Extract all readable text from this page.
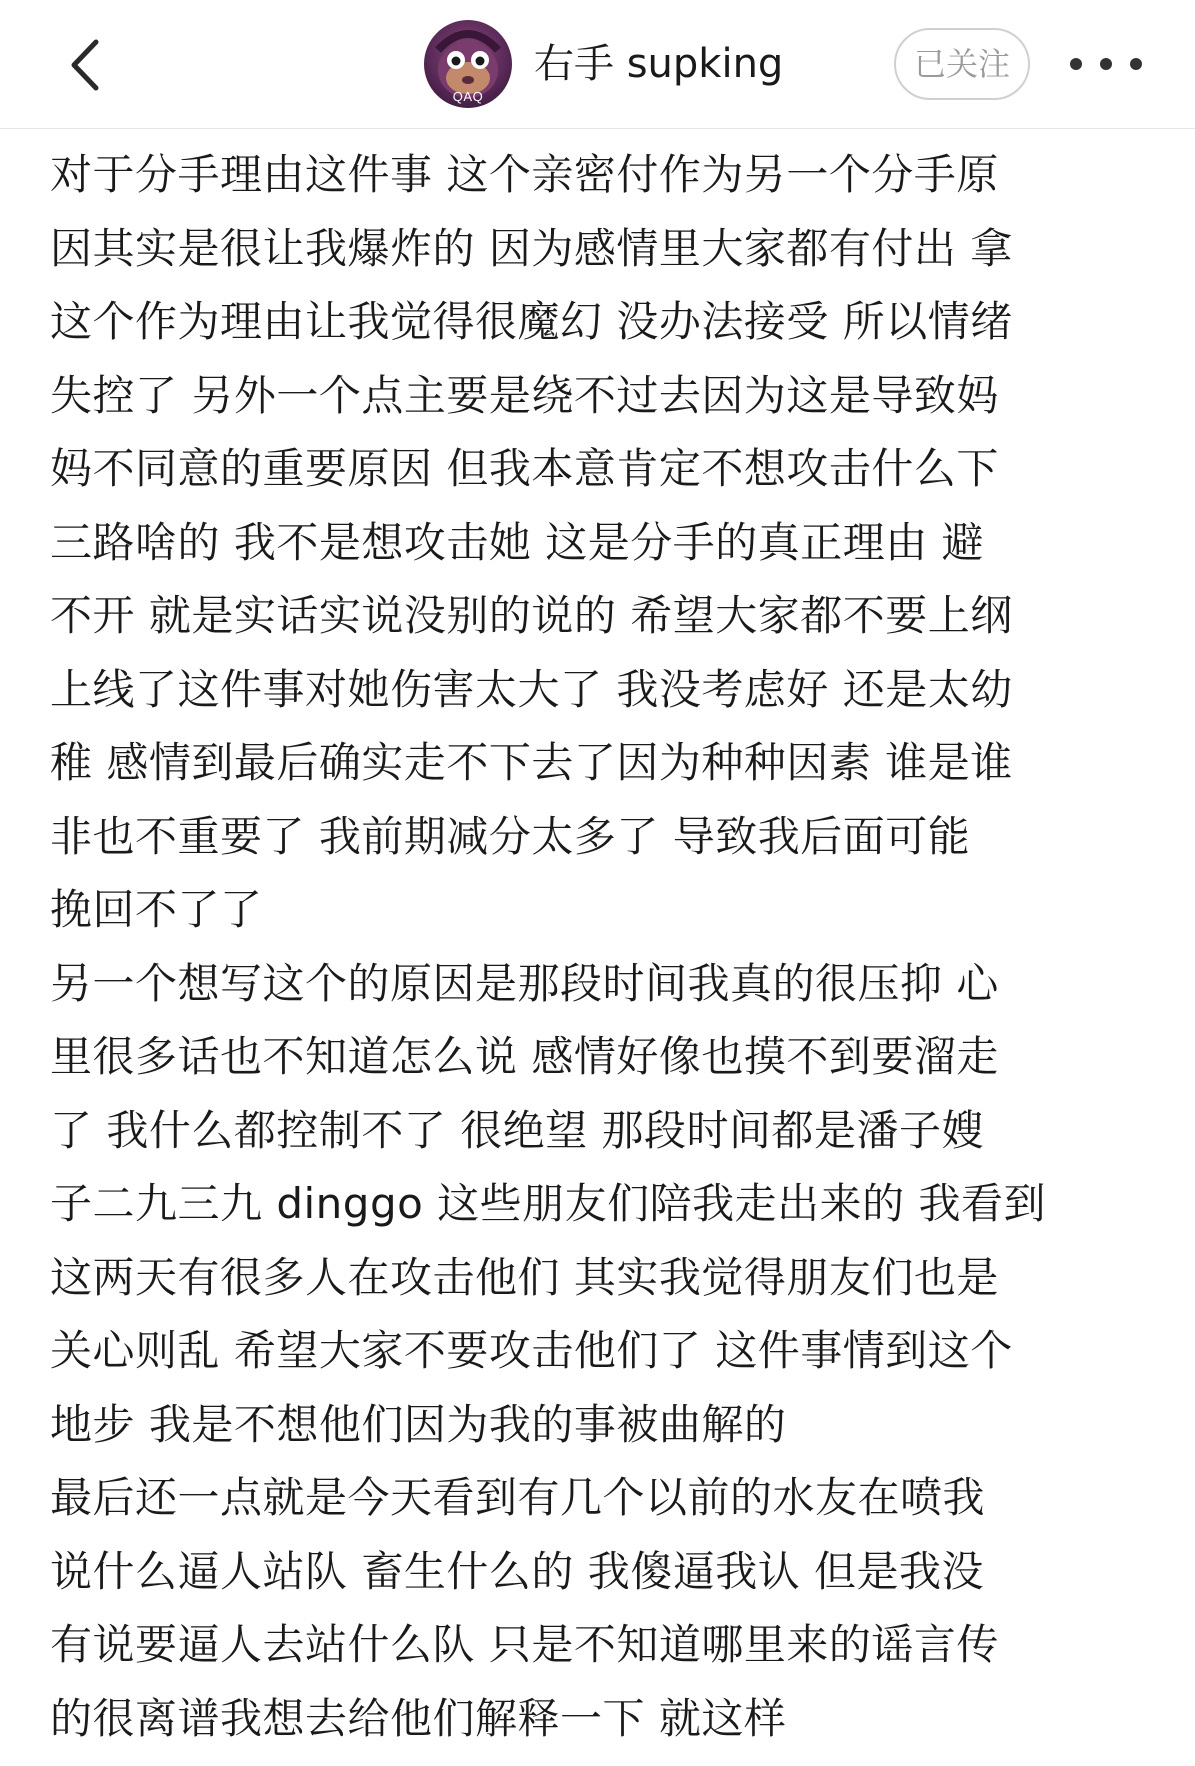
QAQ
右手 supking	已关注
对于分手理由这件事 这个亲密付作为另一个分手原
因其实是很让我爆炸的 因为感情里大家都有付出 拿
这个作为理由让我觉得很魔幻 没办法接受 所以情绪
失控了 另外一个点主要是绕不过去因为这是导致妈
妈不同意的重要原因 但我本意肯定不想攻击什么下
三路啥的 我不是想攻击她 这是分手的真正理由 避
不开 就是实话实说没别的说的 希望大家都不要上纲
上线了这件事对她伤害太大了 我没考虑好 还是太幼
稚 感情到最后确实走不下去了因为种种因素 谁是谁
非也不重要了 我前期减分太多了 导致我后面可能
挽回不了了
另一个想写这个的原因是那段时间我真的很压抑 心
里很多话也不知道怎么说 感情好像也摸不到要溜走
了 我什么都控制不了 很绝望 那段时间都是潘子嫂
子二九三九 dinggo 这些朋友们陪我走出来的 我看到
这两天有很多人在攻击他们 其实我觉得朋友们也是
关心则乱 希望大家不要攻击他们了 这件事情到这个
地步 我是不想他们因为我的事被曲解的
最后还一点就是今天看到有几个以前的水友在喷我
说什么逼人站队 畜生什么的 我傻逼我认 但是我没
有说要逼人去站什么队 只是不知道哪里来的谣言传
的很离谱我想去给他们解释一下 就这样
